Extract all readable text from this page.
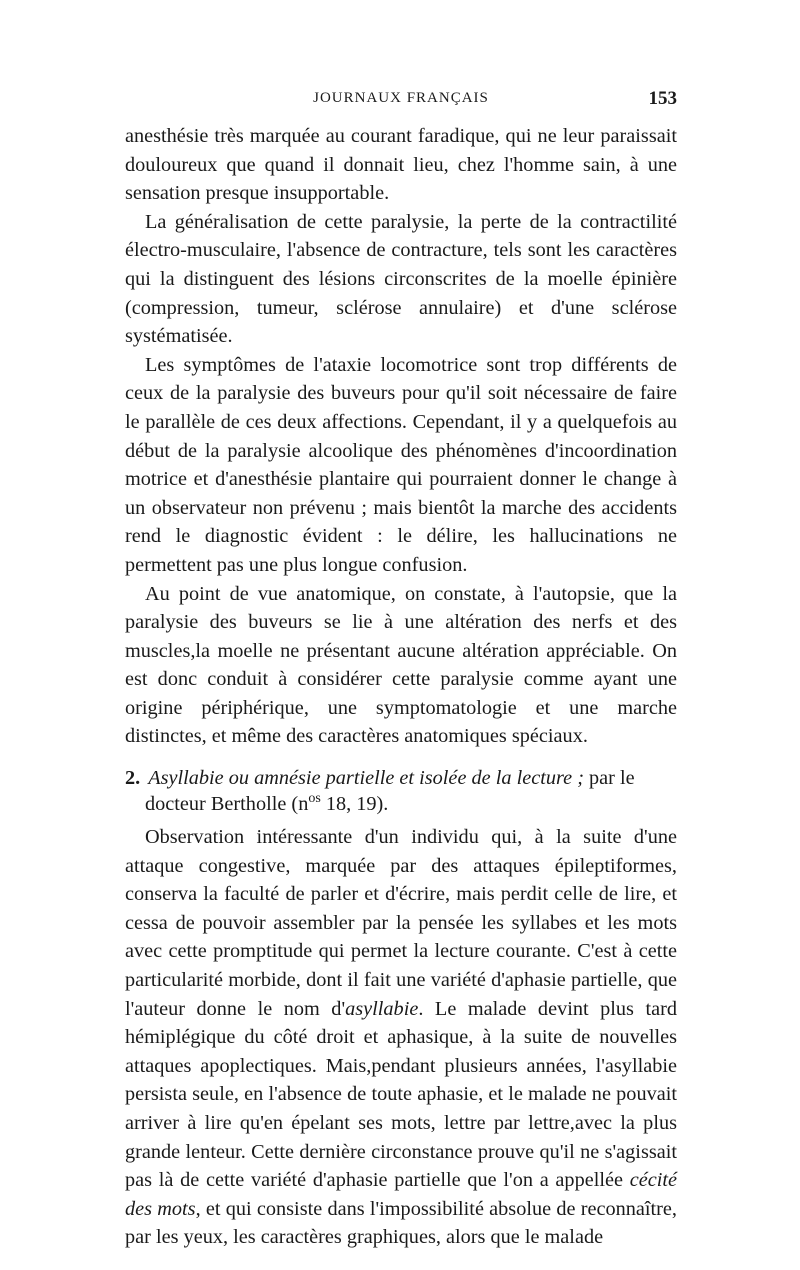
JOURNAUX FRANÇAIS	153

anesthésie très marquée au courant faradique, qui ne leur paraissait douloureux que quand il donnait lieu, chez l'homme sain, à une sensation presque insupportable.

La généralisation de cette paralysie, la perte de la contractilité électro-musculaire, l'absence de contracture, tels sont les caractères qui la distinguent des lésions circonscrites de la moelle épinière (compression, tumeur, sclérose annulaire) et d'une sclérose systématisée.

Les symptômes de l'ataxie locomotrice sont trop différents de ceux de la paralysie des buveurs pour qu'il soit nécessaire de faire le parallèle de ces deux affections. Cependant, il y a quelquefois au début de la paralysie alcoolique des phénomènes d'incoordination motrice et d'anesthésie plantaire qui pourraient donner le change à un observateur non prévenu ; mais bientôt la marche des accidents rend le diagnostic évident : le délire, les hallucinations ne permettent pas une plus longue confusion.

Au point de vue anatomique, on constate, à l'autopsie, que la paralysie des buveurs se lie à une altération des nerfs et des muscles,la moelle ne présentant aucune altération appréciable. On est donc conduit à considérer cette paralysie comme ayant une origine périphérique, une symptomatologie et une marche distinctes, et même des caractères anatomiques spéciaux.

2. Asyllabie ou amnésie partielle et isolée de la lecture ; par le docteur Bertholle (n$^{os}$ 18, 19).

Observation intéressante d'un individu qui, à la suite d'une attaque congestive, marquée par des attaques épileptiformes, conserva la faculté de parler et d'écrire, mais perdit celle de lire, et cessa de pouvoir assembler par la pensée les syllabes et les mots avec cette promptitude qui permet la lecture courante. C'est à cette particularité morbide, dont il fait une variété d'aphasie partielle, que l'auteur donne le nom d'asyllabie. Le malade devint plus tard hémiplégique du côté droit et aphasique, à la suite de nouvelles attaques apoplectiques. Mais,pendant plusieurs années, l'asyllabie persista seule, en l'absence de toute aphasie, et le malade ne pouvait arriver à lire qu'en épelant ses mots, lettre par lettre,avec la plus grande lenteur. Cette dernière circonstance prouve qu'il ne s'agissait pas là de cette variété d'aphasie partielle que l'on a appellée cécité des mots, et qui consiste dans l'impossibilité absolue de reconnaître, par les yeux, les caractères graphiques, alors que le malade
